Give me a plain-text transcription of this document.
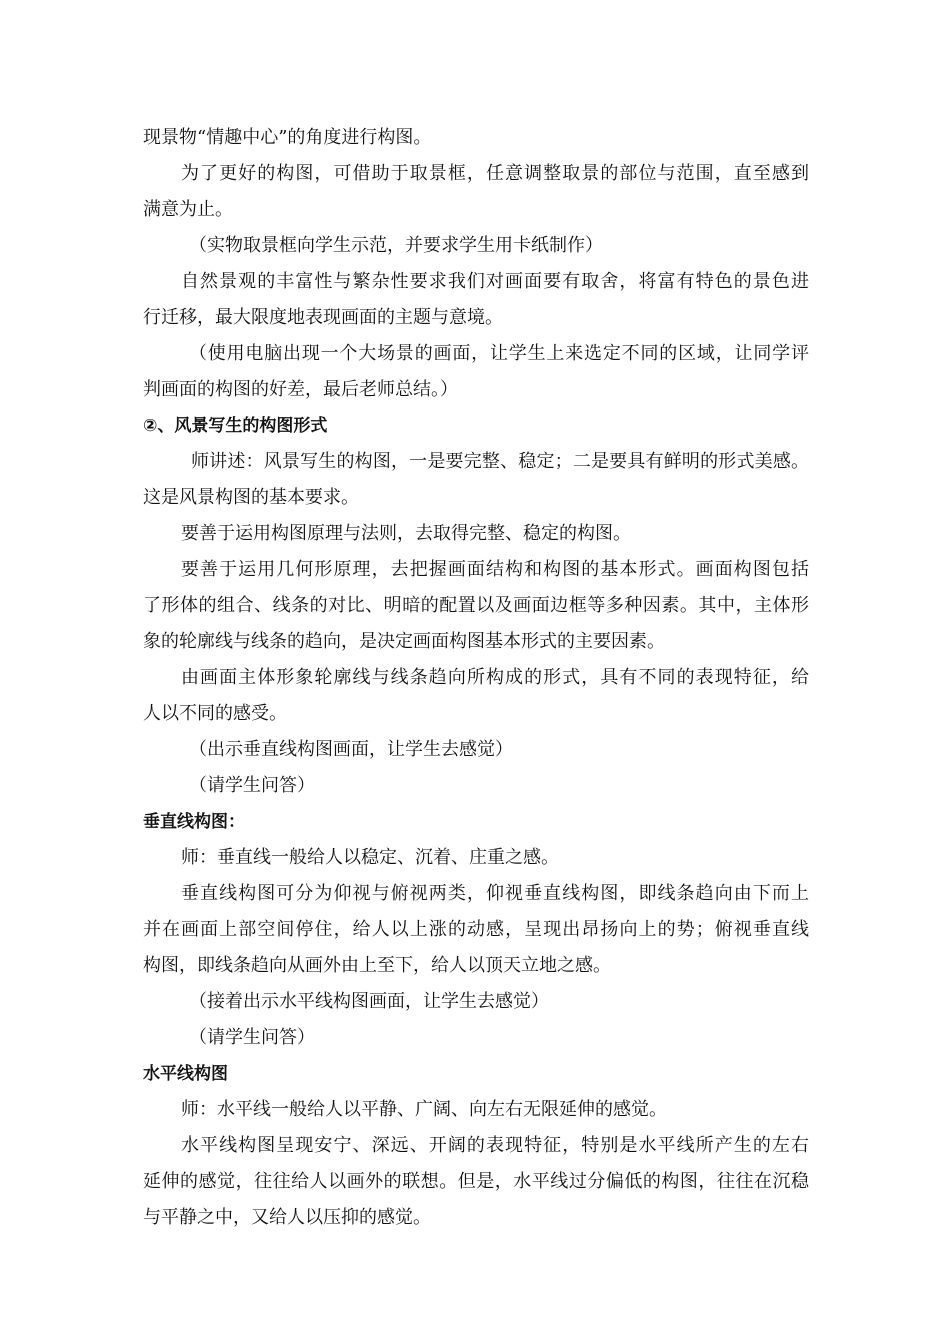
现景物“情趣中心”的角度进行构图。
为了更好的构图，可借助于取景框，任意调整取景的部位与范围，直至感到
满意为止。
（实物取景框向学生示范，并要求学生用卡纸制作）
自然景观的丰富性与繁杂性要求我们对画面要有取舍，将富有特色的景色进
行迁移，最大限度地表现画面的主题与意境。
（使用电脑出现一个大场景的画面，让学生上来选定不同的区域，让同学评
判画面的构图的好差，最后老师总结。）
②、风景写生的构图形式
师讲述：风景写生的构图，一是要完整、稳定；二是要具有鲜明的形式美感。
这是风景构图的基本要求。
要善于运用构图原理与法则，去取得完整、稳定的构图。
要善于运用几何形原理，去把握画面结构和构图的基本形式。画面构图包括
了形体的组合、线条的对比、明暗的配置以及画面边框等多种因素。其中，主体形
象的轮廓线与线条的趋向，是决定画面构图基本形式的主要因素。
由画面主体形象轮廓线与线条趋向所构成的形式，具有不同的表现特征，给
人以不同的感受。
（出示垂直线构图画面，让学生去感觉）
（请学生问答）
垂直线构图：
师：垂直线一般给人以稳定、沉着、庄重之感。
垂直线构图可分为仰视与俯视两类，仰视垂直线构图，即线条趋向由下而上
并在画面上部空间停住，给人以上涨的动感，呈现出昂扬向上的势；俯视垂直线
构图，即线条趋向从画外由上至下，给人以顶天立地之感。
（接着出示水平线构图画面，让学生去感觉）
（请学生问答）
水平线构图
师：水平线一般给人以平静、广阔、向左右无限延伸的感觉。
水平线构图呈现安宁、深远、开阔的表现特征，特别是水平线所产生的左右
延伸的感觉，往往给人以画外的联想。但是，水平线过分偏低的构图，往往在沉稳
与平静之中，又给人以压抑的感觉。
